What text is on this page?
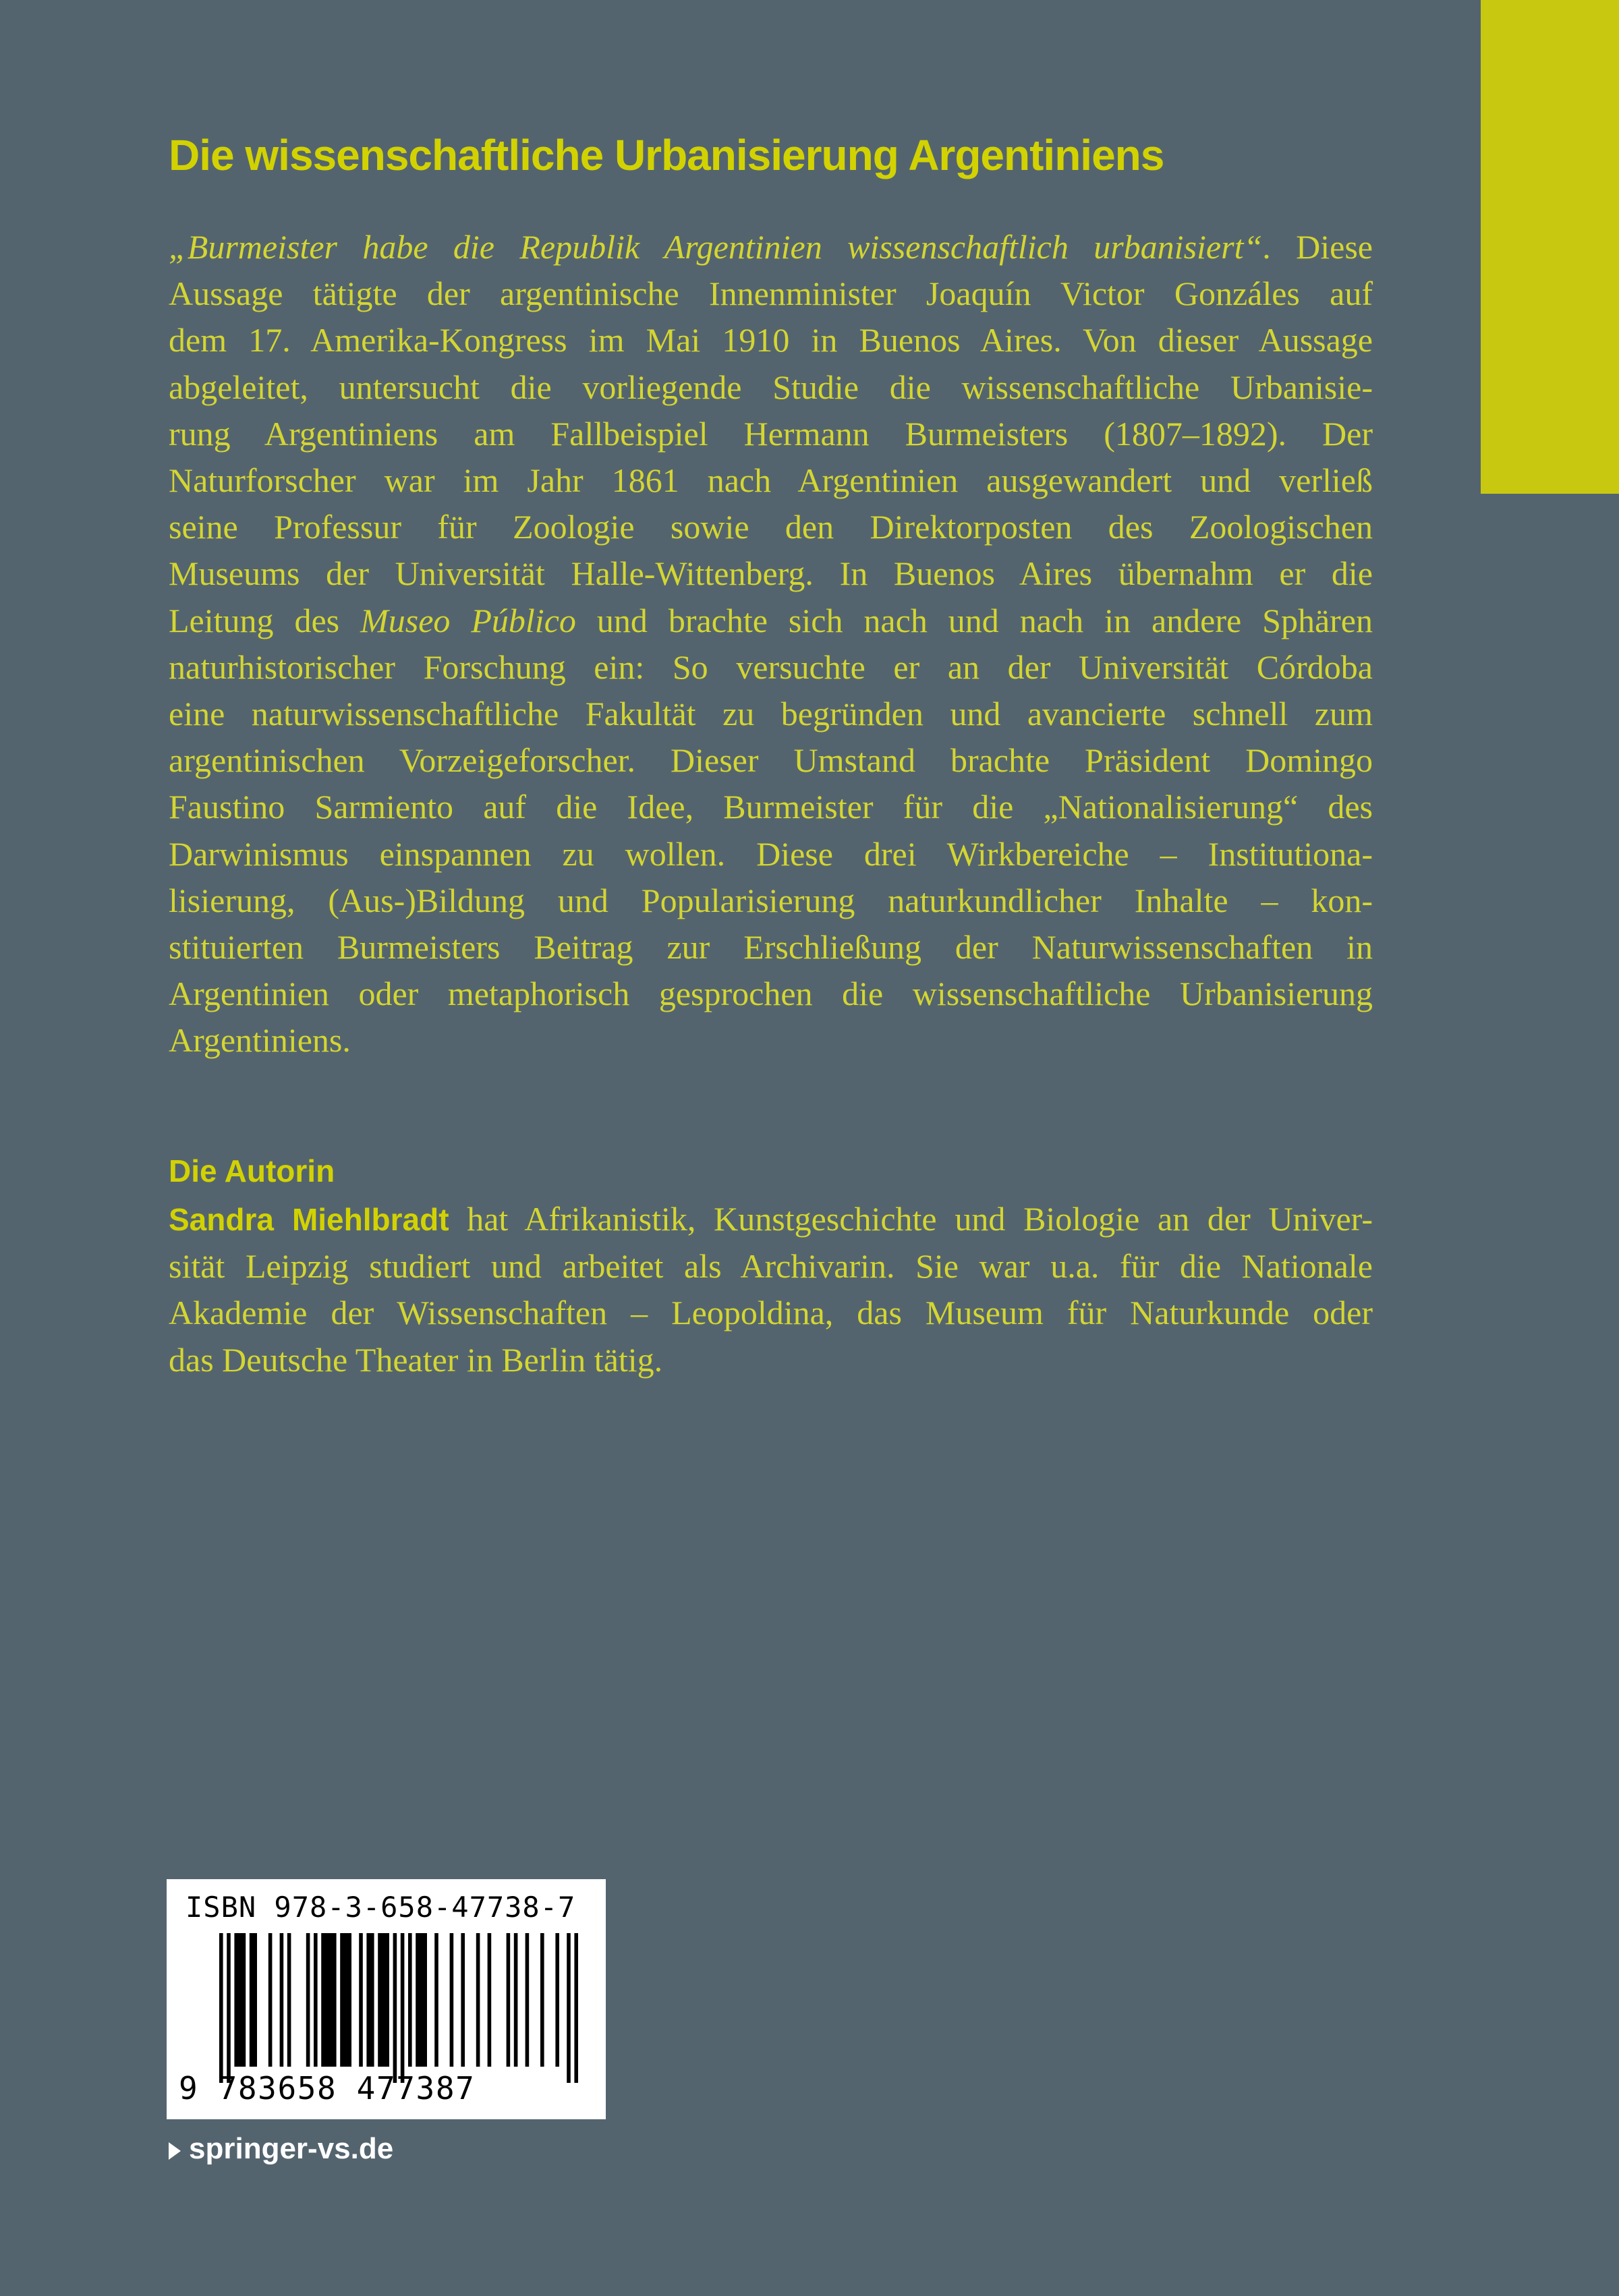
Die wissenschaftliche Urbanisierung Argentiniens
„Burmeister habe die Republik Argentinien wissenschaftlich urbanisiert“. Diese
Aussage tätigte der argentinische Innenminister Joaquín Victor Gonzáles auf
dem 17. Amerika-Kongress im Mai 1910 in Buenos Aires. Von dieser Aussage
abgeleitet, untersucht die vorliegende Studie die wissenschaftliche Urbanisie-
rung Argentiniens am Fallbeispiel Hermann Burmeisters (1807–1892). Der
Naturforscher war im Jahr 1861 nach Argentinien ausgewandert und verließ
seine Professur für Zoologie sowie den Direktorposten des Zoologischen
Museums der Universität Halle-Wittenberg. In Buenos Aires übernahm er die
Leitung des Museo Público und brachte sich nach und nach in andere Sphären
naturhistorischer Forschung ein: So versuchte er an der Universität Córdoba
eine naturwissenschaftliche Fakultät zu begründen und avancierte schnell zum
argentinischen Vorzeigeforscher. Dieser Umstand brachte Präsident Domingo
Faustino Sarmiento auf die Idee, Burmeister für die „Nationalisierung“ des
Darwinismus einspannen zu wollen. Diese drei Wirkbereiche – Institutiona-
lisierung, (Aus-)Bildung und Popularisierung naturkundlicher Inhalte – kon-
stituierten Burmeisters Beitrag zur Erschließung der Naturwissenschaften in
Argentinien oder metaphorisch gesprochen die wissenschaftliche Urbanisierung
Argentiniens.
Die Autorin
Sandra Miehlbradt hat Afrikanistik, Kunstgeschichte und Biologie an der Univer-
sität Leipzig studiert und arbeitet als Archivarin. Sie war u.a. für die Nationale
Akademie der Wissenschaften – Leopoldina, das Museum für Naturkunde oder
das Deutsche Theater in Berlin tätig.
ISBN 978-3-658-47738-7
9 783658 477387
springer-vs.de
